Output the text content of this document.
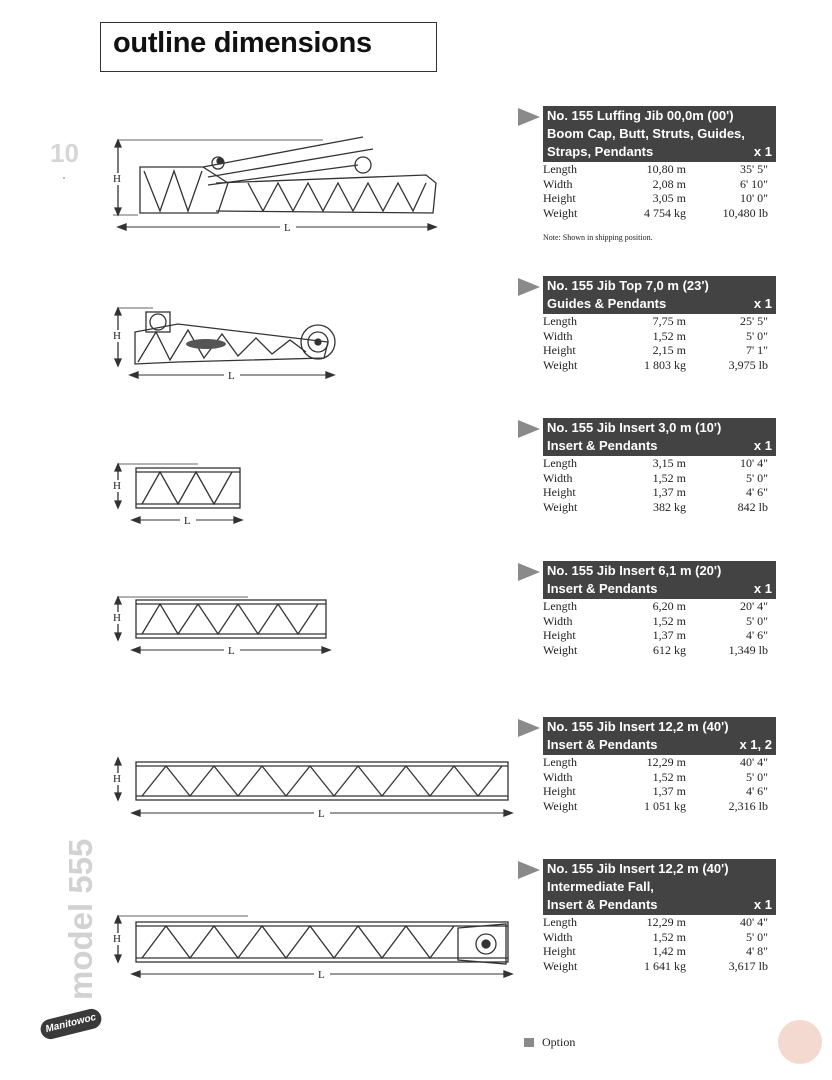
outline dimensions
10
model 555
Manitowoc
L
H
L
H
L
H
L
H
L
H
L
H
No. 155 Luffing Jib 00,0m (00')
Boom Cap, Butt, Struts, Guides,
Straps, Pendants	x 1
Length	10,80 m	35' 5"
Width	2,08 m	6' 10"
Height	3,05 m	10' 0"
Weight	4 754 kg	10,480 lb
Note: Shown in shipping position.
No. 155 Jib Top 7,0 m (23')
Guides & Pendants	x 1
Length	7,75 m	25' 5"
Width	1,52 m	5' 0"
Height	2,15 m	7' 1"
Weight	1 803 kg	3,975 lb
No. 155 Jib Insert 3,0 m (10')
Insert & Pendants	x 1
Length	3,15 m	10' 4"
Width	1,52 m	5' 0"
Height	1,37 m	4' 6"
Weight	382 kg	842 lb
No. 155 Jib Insert 6,1 m (20')
Insert & Pendants	x 1
Length	6,20 m	20' 4"
Width	1,52 m	5' 0"
Height	1,37 m	4' 6"
Weight	612 kg	1,349 lb
No. 155 Jib Insert 12,2 m (40')
Insert & Pendants	x 1, 2
Length	12,29 m	40' 4"
Width	1,52 m	5' 0"
Height	1,37 m	4' 6"
Weight	1 051 kg	2,316 lb
No. 155 Jib Insert 12,2 m (40')
Intermediate Fall,
Insert & Pendants	x 1
Length	12,29 m	40' 4"
Width	1,52 m	5' 0"
Height	1,42 m	4' 8"
Weight	1 641 kg	3,617 lb
Option
